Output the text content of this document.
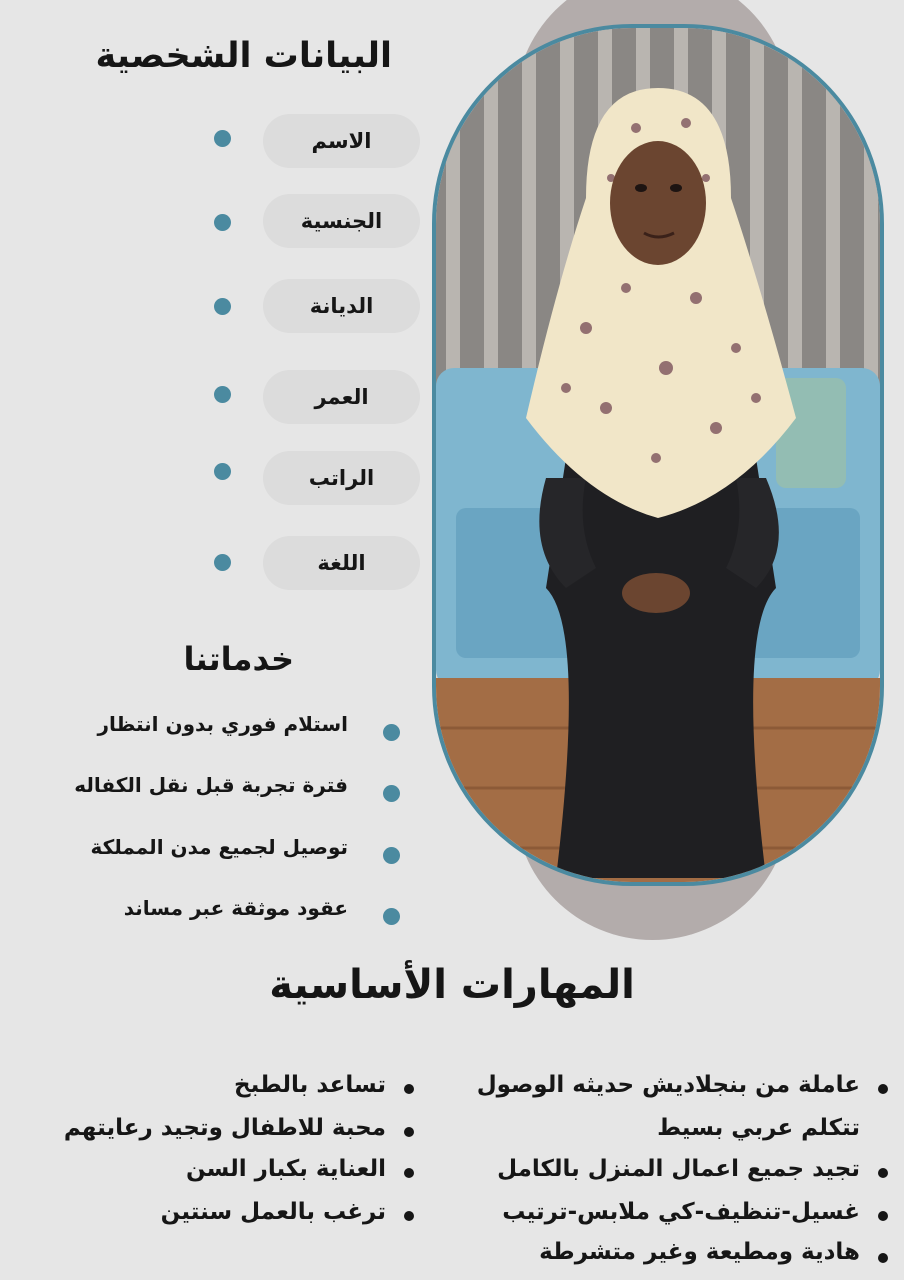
البيانات الشخصية
الاسم
الجنسية
الديانة
العمر
الراتب
اللغة
خدماتنا
استلام فوري بدون انتظار
فترة تجربة قبل نقل الكفاله
توصيل لجميع مدن المملكة
عقود موثقة عبر مساند
المهارات الأساسية
عاملة من بنجلاديش حديثه الوصول
تتكلم عربي بسيط
تجيد جميع اعمال المنزل بالكامل
غسيل-تنظيف-كي ملابس-ترتيب
هادية ومطيعة وغير متشرطة
تساعد بالطبخ
محبة للاطفال وتجيد رعايتهم
العناية بكبار السن
ترغب بالعمل سنتين
